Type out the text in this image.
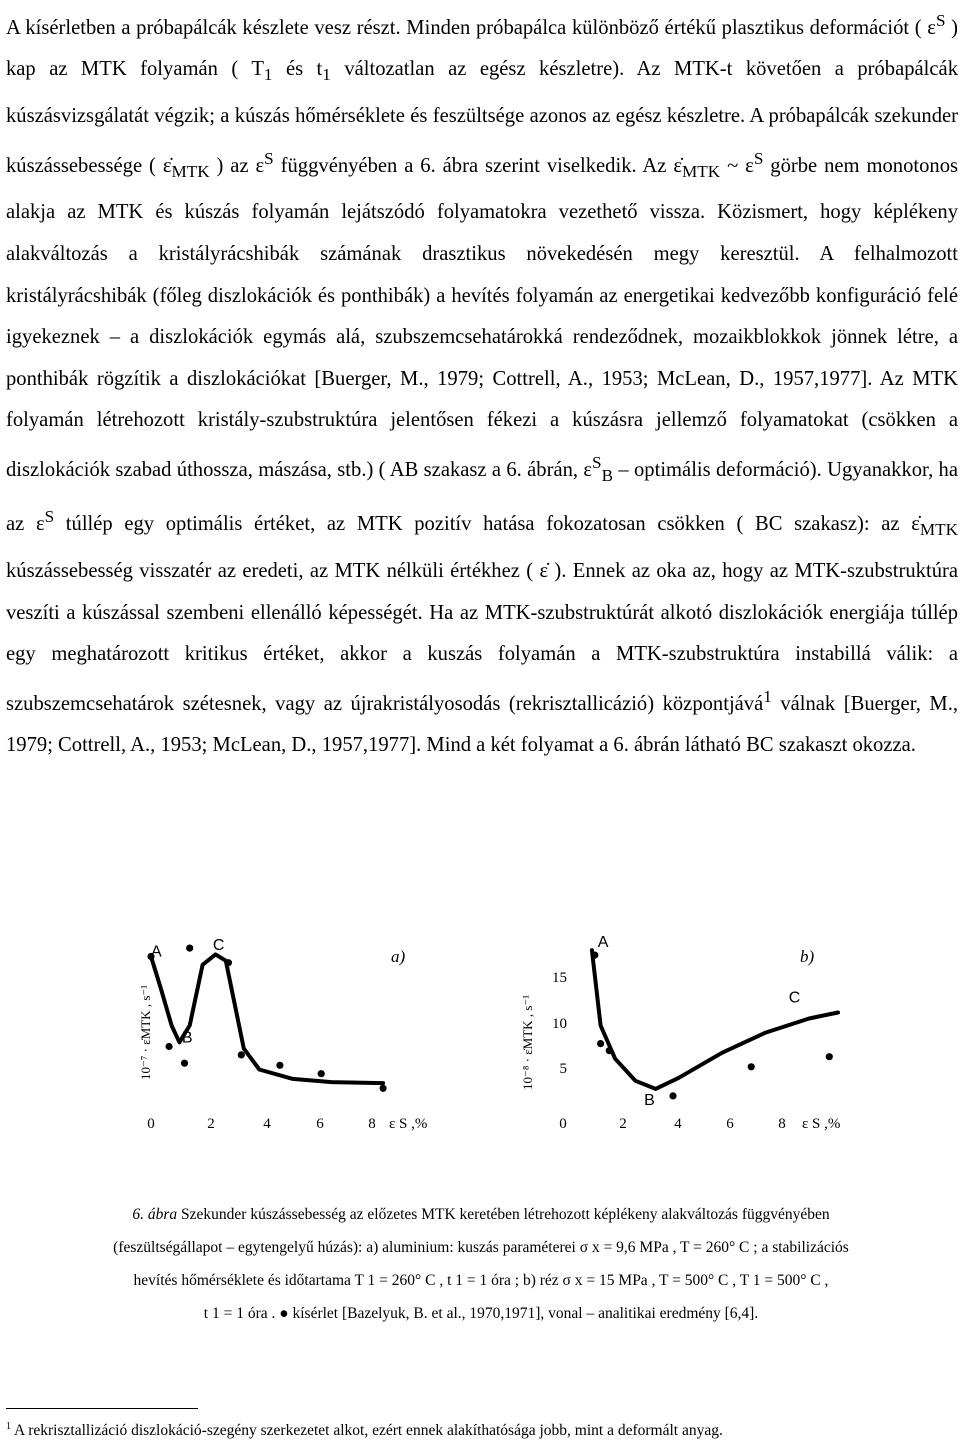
A kísérletben a próbapálcák készlete vesz részt. Minden próbapálca különböző értékű plasztikus deformációt ( $\varepsilon^S$ ) kap az MTK folyamán ( $T_1$ és $t_1$ változatlan az egész készletre). Az MTK-t követően a próbapálcák kúszásvizsgálatát végzik; a kúszás hőmérséklete és feszültsége azonos az egész készletre. A próbapálcák szekunder kúszássebessége ( $\varepsiloṅ_{MTK}$ ) az $\varepsilon^S$ függvényében a 6. ábra szerint viselkedik. Az $\varepsiloṅ_{MTK}$ ~ $\varepsilon^S$ görbe nem monotonos alakja az MTK és kúszás folyamán lejátszódó folyamatokra vezethető vissza. Közismert, hogy képlékeny alakváltozás a kristályrácshibák számának drasztikus növekedésén megy keresztül. A felhalmozott kristályrácshibák (főleg diszlokációk és ponthibák) a hevítés folyamán az energetikai kedvezőbb konfiguráció felé igyekeznek – a diszlokációk egymás alá, szubszemcsehatárokká rendeződnek, mozaikblokkok jönnek létre, a ponthibák rögzítik a diszlokációkat [Buerger, M., 1979; Cottrell, A., 1953; McLean, D., 1957,1977]. Az MTK folyamán létrehozott kristály-szubstruktúra jelentősen fékezi a kúszásra jellemző folyamatokat (csökken a diszlokációk szabad úthossza, mászása, stb.) ( AB szakasz a 6. ábrán, $\varepsilon^S_B$ – optimális deformáció). Ugyanakkor, ha az $\varepsilon^S$ túllép egy optimális értéket, az MTK pozitív hatása fokozatosan csökken ( BC szakasz): az $\varepsiloṅ_{MTK}$ kúszássebesség visszatér az eredeti, az MTK nélküli értékhez ( ε̇ ). Ennek az oka az, hogy az MTK-szubstruktúra veszíti a kúszással szembeni ellenálló képességét. Ha az MTK-szubstruktúrát alkotó diszlokációk energiája túllép egy meghatározott kritikus értéket, akkor a kuszás folyamán a MTK-szubstruktúra instabillá válik: a szubszemcsehatárok szétesnek, vagy az újrakristályosodás (rekrisztallicázió) központjává$^1$ válnak [Buerger, M., 1979; Cottrell, A., 1953; McLean, D., 1957,1977]. Mind a két folyamat a 6. ábrán látható BC szakaszt okozza.

a)
10⁻⁷ · ε̇MTK , s⁻¹
0	2	4	6	8 ε S ,%
b)
10⁻⁸ · ε̇MTK , s⁻¹
15
10
5
0	2	4	6	8 ε S ,%
A	C
B
A
C
B

6. ábra Szekunder kúszássebesség az előzetes MTK keretében létrehozott képlékeny alakváltozás függvényében

(feszültségállapot – egytengelyű húzás): a) aluminium: kuszás paraméterei σ x = 9,6 MPa , T = 260° C ; a stabilizációs

hevítés hőmérséklete és időtartama T 1 = 260° C , t 1 = 1 óra ; b) réz σ x = 15 MPa , T = 500° C , T 1 = 500° C ,

t 1 = 1 óra . ● kísérlet [Bazelyuk, B. et al., 1970,1971], vonal – analitikai eredmény [6,4].

$^1$ A rekrisztallizáció diszlokáció-szegény szerkezetet alkot, ezért ennek alakíthatósága jobb, mint a deformált anyag.
